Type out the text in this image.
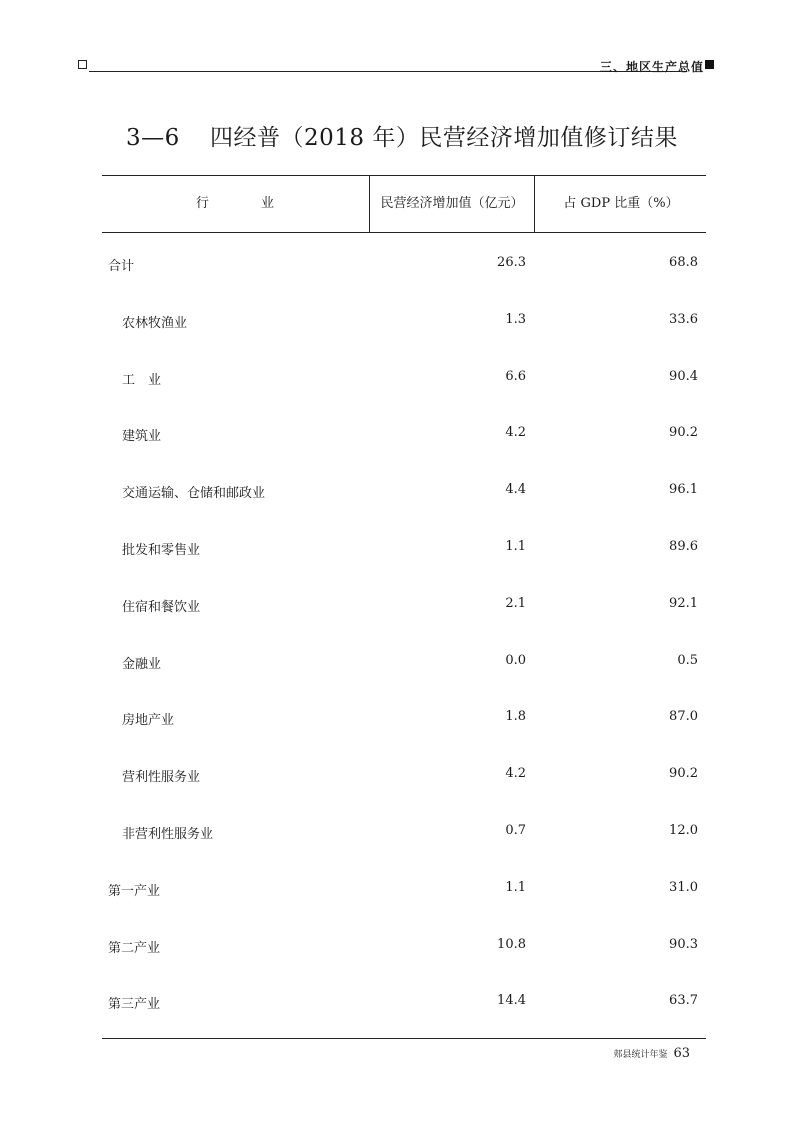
三、地区生产总值
3—6 四经普（2018 年）民营经济增加值修订结果
行 业	民营经济增加值（亿元）	占 GDP 比重（%）
合计	26.3	68.8
农林牧渔业	1.3	33.6
工　业	6.6	90.4
建筑业	4.2	90.2
交通运输、仓储和邮政业	4.4	96.1
批发和零售业	1.1	89.6
住宿和餐饮业	2.1	92.1
金融业	0.0	0.5
房地产业	1.8	87.0
营利性服务业	4.2	90.2
非营利性服务业	0.7	12.0
第一产业	1.1	31.0
第二产业	10.8	90.3
第三产业	14.4	63.7
郏县统计年鉴 63
